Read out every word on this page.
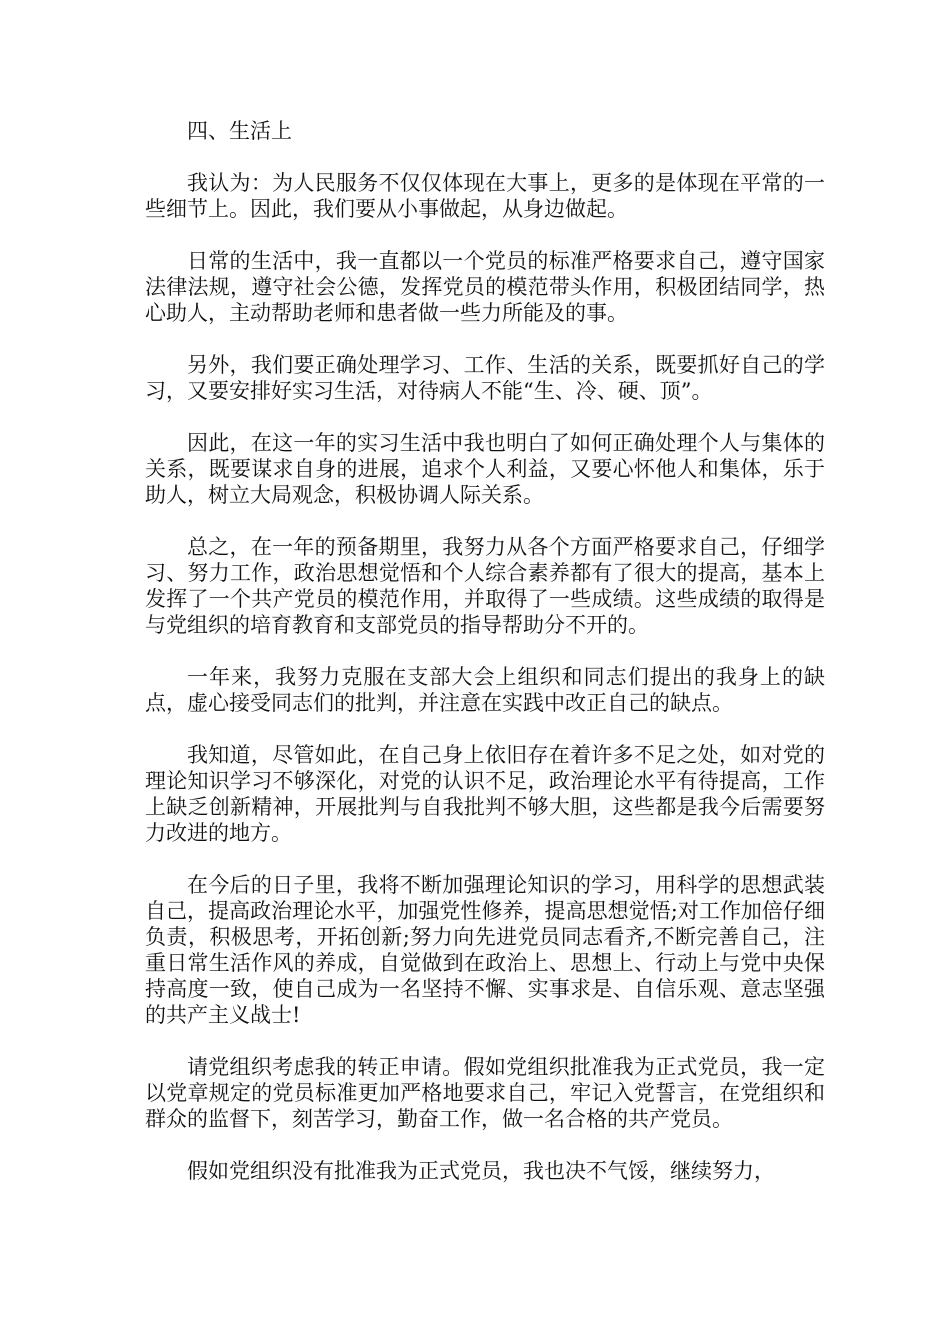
四、生活上

我认为：为人民服务不仅仅体现在大事上，更多的是体现在平常的一些细节上。因此，我们要从小事做起，从身边做起。

日常的生活中，我一直都以一个党员的标准严格要求自己，遵守国家法律法规，遵守社会公德，发挥党员的模范带头作用，积极团结同学，热心助人，主动帮助老师和患者做一些力所能及的事。

另外，我们要正确处理学习、工作、生活的关系，既要抓好自己的学习，又要安排好实习生活，对待病人不能“生、冷、硬、顶”。

因此，在这一年的实习生活中我也明白了如何正确处理个人与集体的关系，既要谋求自身的进展，追求个人利益，又要心怀他人和集体，乐于助人，树立大局观念，积极协调人际关系。

总之，在一年的预备期里，我努力从各个方面严格要求自己，仔细学习、努力工作，政治思想觉悟和个人综合素养都有了很大的提高，基本上发挥了一个共产党员的模范作用，并取得了一些成绩。这些成绩的取得是与党组织的培育教育和支部党员的指导帮助分不开的。

一年来，我努力克服在支部大会上组织和同志们提出的我身上的缺点，虚心接受同志们的批判，并注意在实践中改正自己的缺点。

我知道，尽管如此，在自己身上依旧存在着许多不足之处，如对党的理论知识学习不够深化，对党的认识不足，政治理论水平有待提高，工作上缺乏创新精神，开展批判与自我批判不够大胆，这些都是我今后需要努力改进的地方。

在今后的日子里，我将不断加强理论知识的学习，用科学的思想武装自己，提高政治理论水平，加强党性修养，提高思想觉悟;对工作加倍仔细负责，积极思考，开拓创新;努力向先进党员同志看齐,不断完善自己，注重日常生活作风的养成，自觉做到在政治上、思想上、行动上与党中央保持高度一致，使自己成为一名坚持不懈、实事求是、自信乐观、意志坚强的共产主义战士!

请党组织考虑我的转正申请。假如党组织批准我为正式党员，我一定以党章规定的党员标准更加严格地要求自己，牢记入党誓言，在党组织和群众的监督下，刻苦学习，勤奋工作，做一名合格的共产党员。

假如党组织没有批准我为正式党员，我也决不气馁，继续努力，
